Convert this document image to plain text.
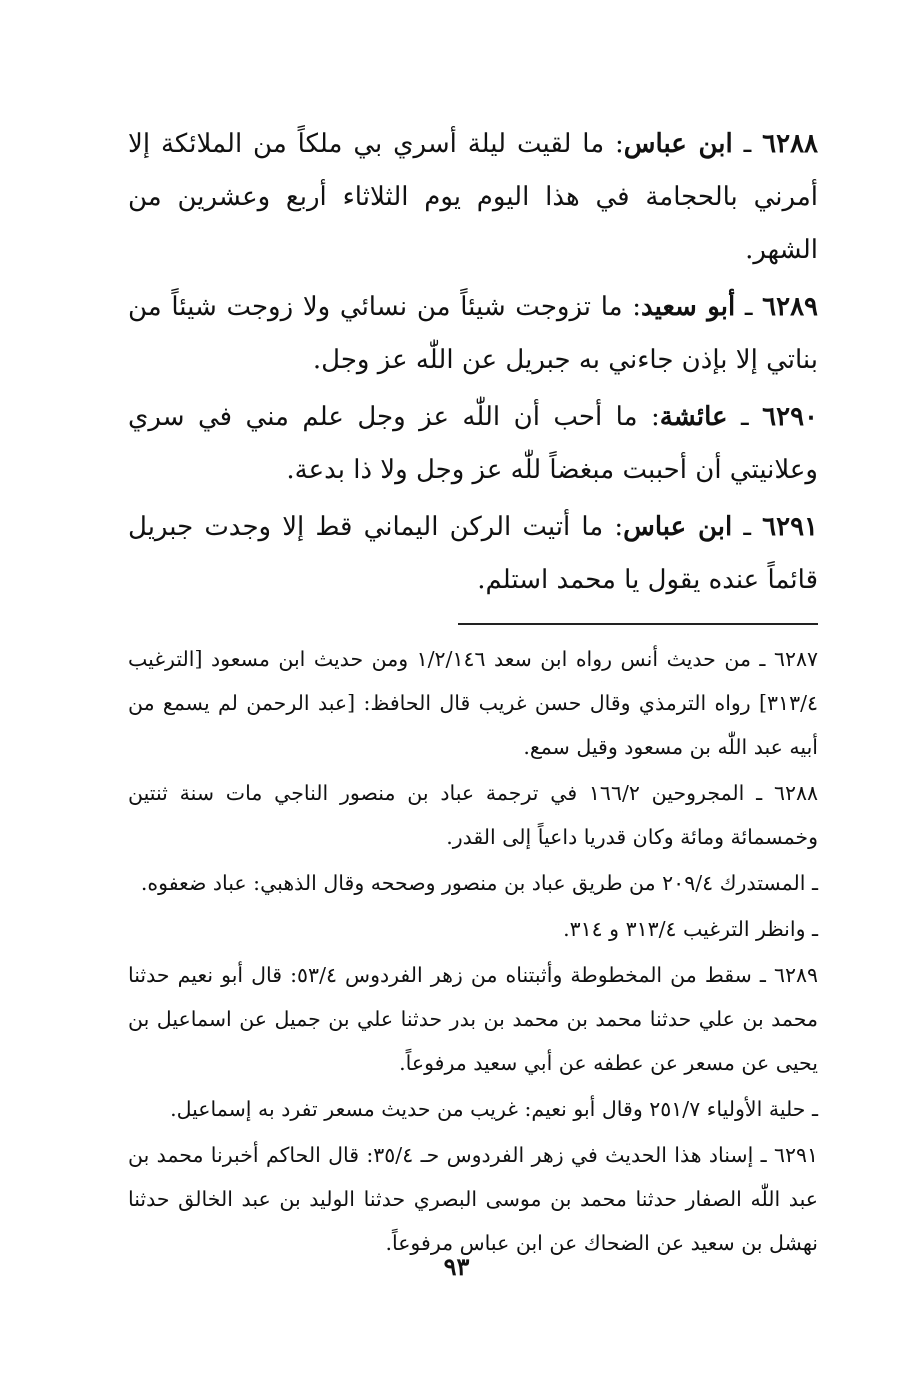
٦٢٨٨ ـ ابن عباس: ما لقيت ليلة أسري بي ملكاً من الملائكة إلا أمرني بالحجامة في هذا اليوم يوم الثلاثاء أربع وعشرين من الشهر.

٦٢٨٩ ـ أبو سعيد: ما تزوجت شيئاً من نسائي ولا زوجت شيئاً من بناتي إلا بإذن جاءني به جبريل عن اللّٰه عز وجل.

٦٢٩٠ ـ عائشة: ما أحب أن اللّٰه عز وجل علم مني في سري وعلانيتي أن أحببت مبغضاً للّٰه عز وجل ولا ذا بدعة.

٦٢٩١ ـ ابن عباس: ما أتيت الركن اليماني قط إلا وجدت جبريل قائماً عنده يقول يا محمد استلم.

٦٢٨٧ ـ من حديث أنس رواه ابن سعد ١/٢/١٤٦ ومن حديث ابن مسعود [الترغيب ٣١٣/٤] رواه الترمذي وقال حسن غريب قال الحافظ: [عبد الرحمن لم يسمع من أبيه عبد اللّٰه بن مسعود وقيل سمع.

٦٢٨٨ ـ المجروحين ١٦٦/٢ في ترجمة عباد بن منصور الناجي مات سنة ثنتين وخمسمائة ومائة وكان قدريا داعياً إلى القدر.

ـ المستدرك ٢٠٩/٤ من طريق عباد بن منصور وصححه وقال الذهبي: عباد ضعفوه.

ـ وانظر الترغيب ٣١٣/٤ و ٣١٤.

٦٢٨٩ ـ سقط من المخطوطة وأثبتناه من زهر الفردوس ٥٣/٤: قال أبو نعيم حدثنا محمد بن علي حدثنا محمد بن محمد بن بدر حدثنا علي بن جميل عن اسماعيل بن يحيى عن مسعر عن عطفه عن أبي سعيد مرفوعاً.

ـ حلية الأولياء ٢٥١/٧ وقال أبو نعيم: غريب من حديث مسعر تفرد به إسماعيل.

٦٢٩١ ـ إسناد هذا الحديث في زهر الفردوس حـ ٣٥/٤: قال الحاكم أخبرنا محمد بن عبد اللّٰه الصفار حدثنا محمد بن موسى البصري حدثنا الوليد بن عبد الخالق حدثنا نهشل بن سعيد عن الضحاك عن ابن عباس مرفوعاً.

٩٣
